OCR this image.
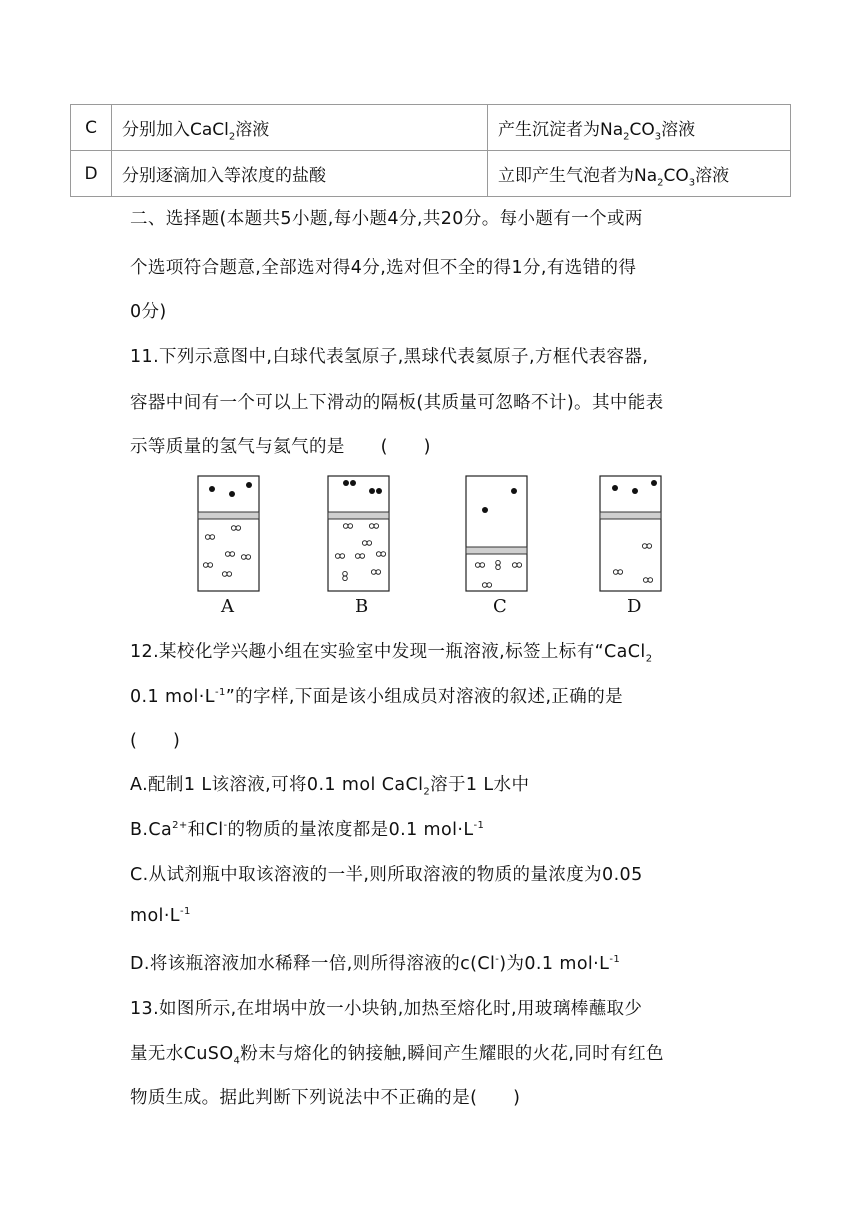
C	分别加入CaCl$_2$溶液	产生沉淀者为$Na_2CO_3$溶液
D	分别逐滴加入等浓度的盐酸	立即产生气泡者为$Na_2CO_3$溶液
二、选择题(本题共5小题,每小题4分,共20分。每小题有一个或两
个选项符合题意,全部选对得4分,选对但不全的得1分,有选错的得
0分)
11.下列示意图中,白球代表氢原子,黑球代表氦原子,方框代表容器,
容器中间有一个可以上下滑动的隔板(其质量可忽略不计)。其中能表
示等质量的氢气与氦气的是　　(　　)
A	B	C	D
12.某校化学兴趣小组在实验室中发现一瓶溶液,标签上标有“CaCl$_2$
0.1 $mol\cdot L^{-1}$”的字样,下面是该小组成员对溶液的叙述,正确的是
(　　)
A.配制1 L该溶液,可将0.1 mol CaCl$_2$溶于1 L水中
$B.Ca^{2+}$和Cl-的物质的量浓度都是0.1 $mol\cdot L^{-1}$
C.从试剂瓶中取该溶液的一半,则所取溶液的物质的量浓度为0.05
$mol\cdot L^{-1}$
D.将该瓶溶液加水稀释一倍,则所得溶液的c(Cl-)为0.1 $mol\cdot L^{-1}$
13.如图所示,在坩埚中放一小块钠,加热至熔化时,用玻璃棒蘸取少
量无水CuSO$_4$粉末与熔化的钠接触,瞬间产生耀眼的火花,同时有红色
物质生成。据此判断下列说法中不正确的是(　　)
